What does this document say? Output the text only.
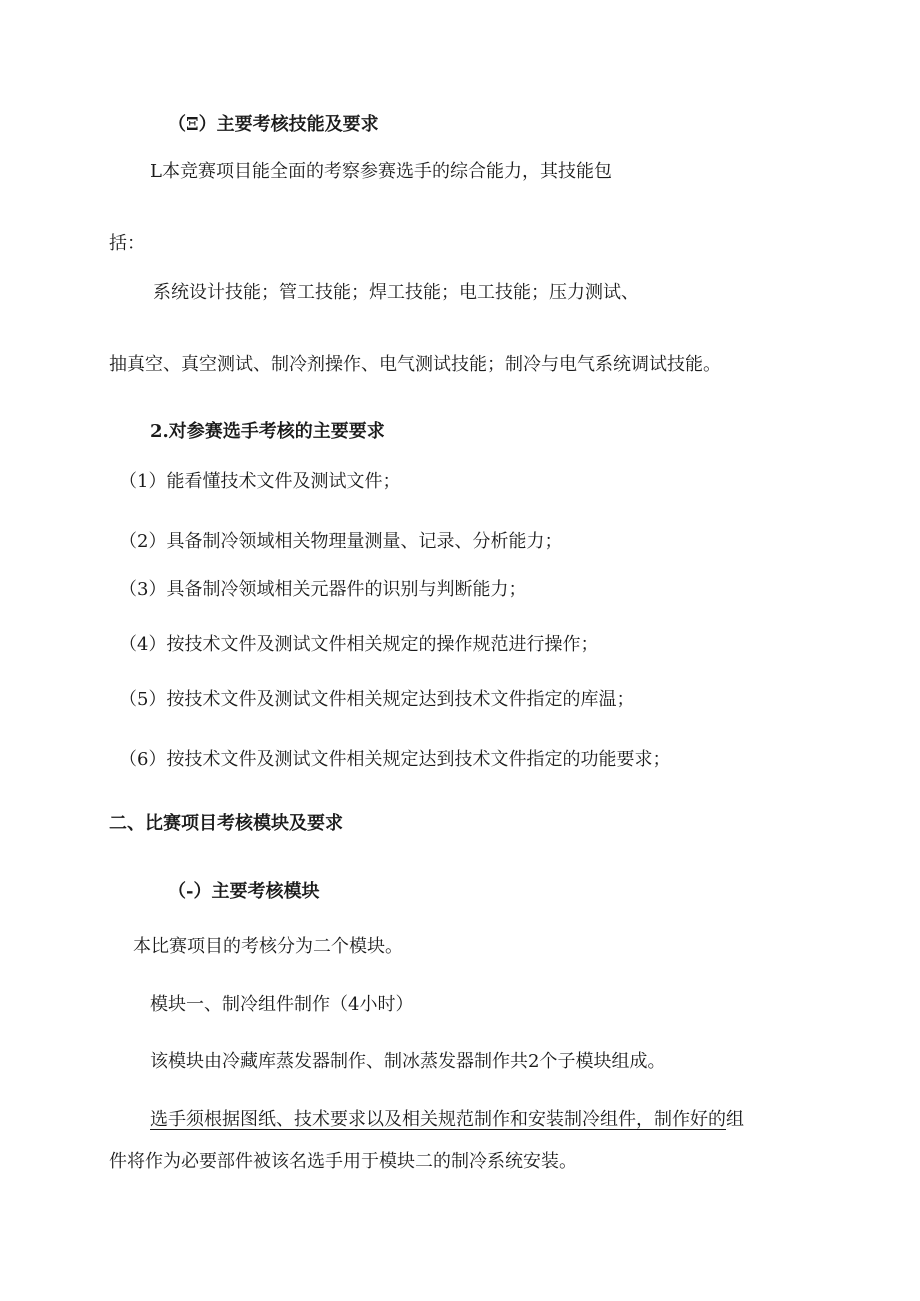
（Ξ）主要考核技能及要求
L本竞赛项目能全面的考察参赛选手的综合能力，其技能包
括：
系统设计技能；管工技能；焊工技能；电工技能；压力测试、
抽真空、真空测试、制冷剂操作、电气测试技能；制冷与电气系统调试技能。
2.对参赛选手考核的主要要求
（1）能看懂技术文件及测试文件；
（2）具备制冷领域相关物理量测量、记录、分析能力；
（3）具备制冷领域相关元器件的识别与判断能力；
（4）按技术文件及测试文件相关规定的操作规范进行操作；
（5）按技术文件及测试文件相关规定达到技术文件指定的库温；
（6）按技术文件及测试文件相关规定达到技术文件指定的功能要求；
二、比赛项目考核模块及要求
（-）主要考核模块
本比赛项目的考核分为二个模块。
模块一、制冷组件制作（4小时）
该模块由冷藏库蒸发器制作、制冰蒸发器制作共2个子模块组成。
选手须根据图纸、技术要求以及相关规范制作和安装制冷组件，制作好的组
件将作为必要部件被该名选手用于模块二的制冷系统安装。
